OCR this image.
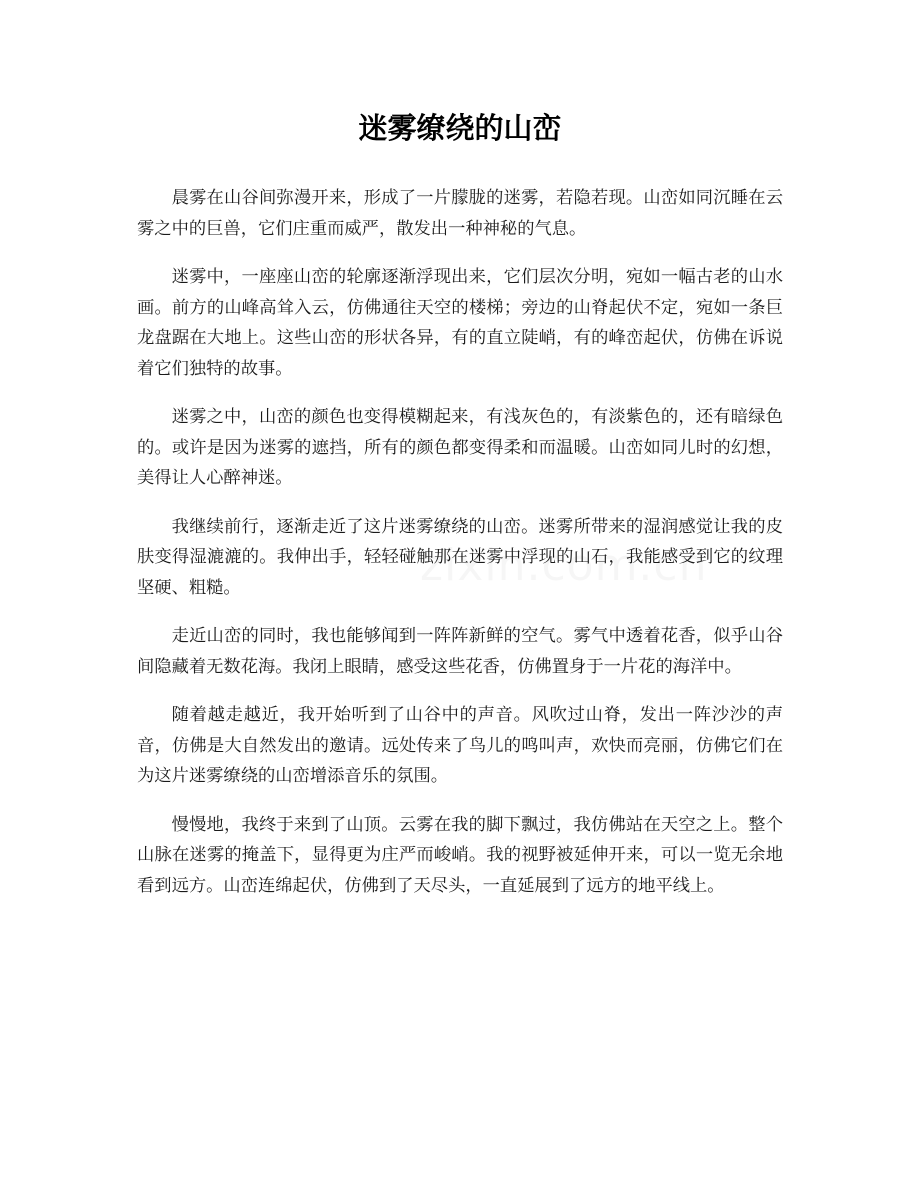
迷雾缭绕的山峦

晨雾在山谷间弥漫开来，形成了一片朦胧的迷雾，若隐若现。山峦如同沉睡在云雾之中的巨兽，它们庄重而威严，散发出一种神秘的气息。

迷雾中，一座座山峦的轮廓逐渐浮现出来，它们层次分明，宛如一幅古老的山水画。前方的山峰高耸入云，仿佛通往天空的楼梯；旁边的山脊起伏不定，宛如一条巨龙盘踞在大地上。这些山峦的形状各异，有的直立陡峭，有的峰峦起伏，仿佛在诉说着它们独特的故事。

迷雾之中，山峦的颜色也变得模糊起来，有浅灰色的，有淡紫色的，还有暗绿色的。或许是因为迷雾的遮挡，所有的颜色都变得柔和而温暖。山峦如同儿时的幻想，美得让人心醉神迷。

我继续前行，逐渐走近了这片迷雾缭绕的山峦。迷雾所带来的湿润感觉让我的皮肤变得湿漉漉的。我伸出手，轻轻碰触那在迷雾中浮现的山石，我能感受到它的纹理坚硬、粗糙。

走近山峦的同时，我也能够闻到一阵阵新鲜的空气。雾气中透着花香，似乎山谷间隐藏着无数花海。我闭上眼睛，感受这些花香，仿佛置身于一片花的海洋中。

随着越走越近，我开始听到了山谷中的声音。风吹过山脊，发出一阵沙沙的声音，仿佛是大自然发出的邀请。远处传来了鸟儿的鸣叫声，欢快而亮丽，仿佛它们在为这片迷雾缭绕的山峦增添音乐的氛围。

慢慢地，我终于来到了山顶。云雾在我的脚下飘过，我仿佛站在天空之上。整个山脉在迷雾的掩盖下，显得更为庄严而峻峭。我的视野被延伸开来，可以一览无余地看到远方。山峦连绵起伏，仿佛到了天尽头，一直延展到了远方的地平线上。
